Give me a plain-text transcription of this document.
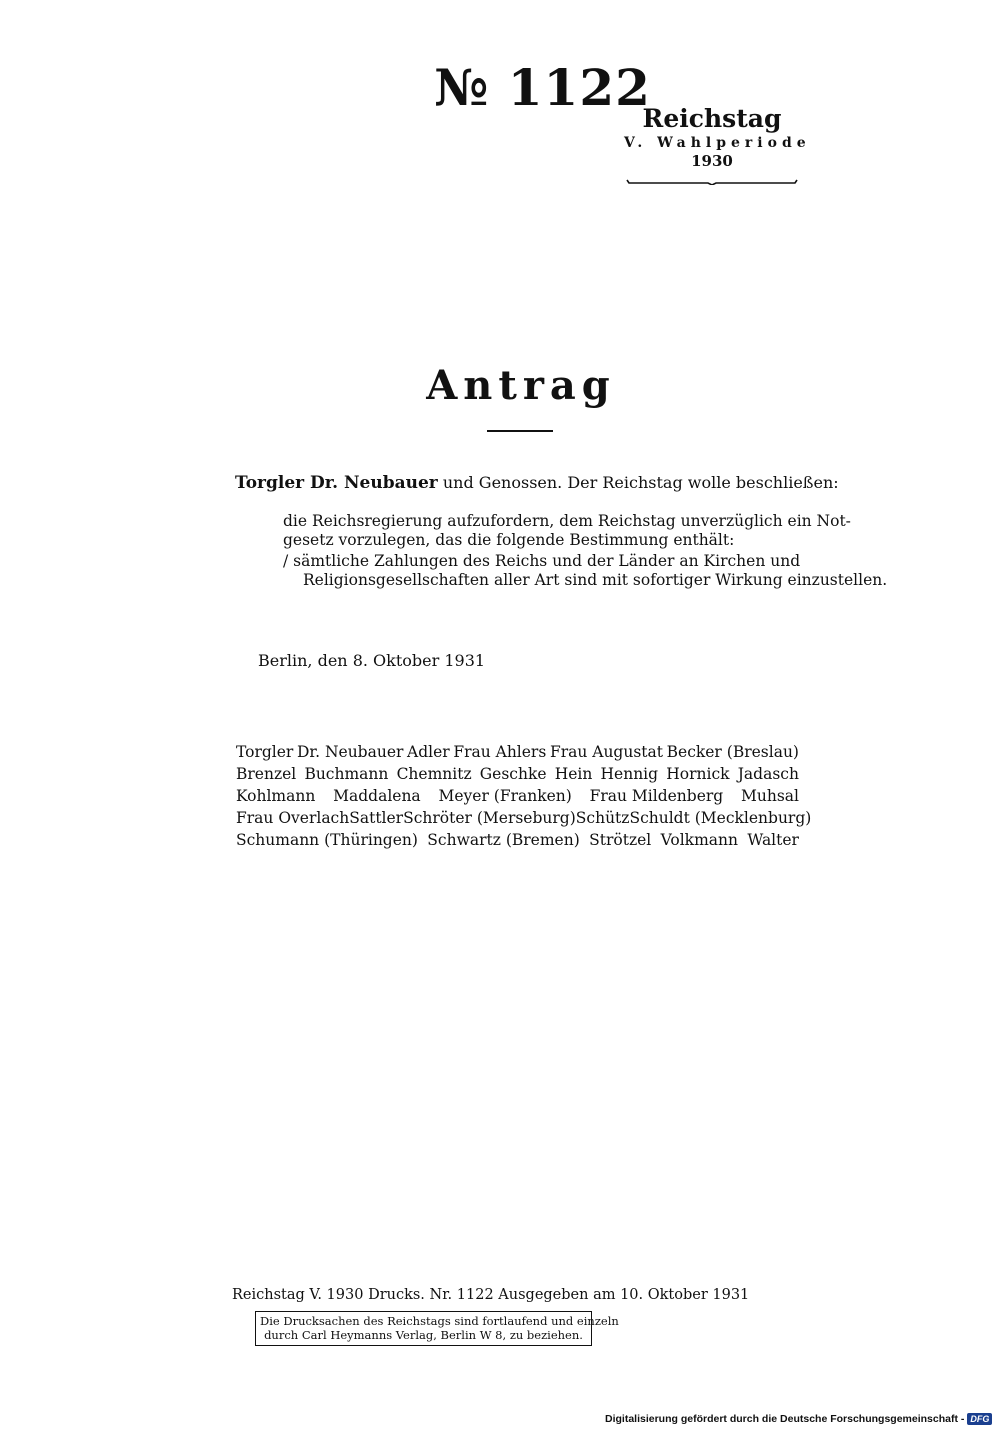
№ 1122
Reichstag
V. Wahlperiode
1930
Antrag
Torgler Dr. Neubauer und Genossen. Der Reichstag wolle beschließen:
die Reichsregierung aufzufordern, dem Reichstag unverzüglich ein Not-
gesetz vorzulegen, das die folgende Bestimmung enthält:
/ sämtliche Zahlungen des Reichs und der Länder an Kirchen und
Religionsgesellschaften aller Art sind mit sofortiger Wirkung einzustellen.
Berlin, den 8. Oktober 1931
Torgler Dr. Neubauer Adler Frau Ahlers Frau Augustat Becker (Breslau)
Brenzel Buchmann Chemnitz Geschke Hein Hennig Hornick Jadasch
Kohlmann Maddalena Meyer (Franken) Frau Mildenberg Muhsal
Frau Overlach Sattler Schröter (Merseburg) Schütz Schuldt (Mecklenburg)
Schumann (Thüringen) Schwartz (Bremen) Strötzel Volkmann Walter
Reichstag V. 1930 Drucks. Nr. 1122 Ausgegeben am 10. Oktober 1931
Die Drucksachen des Reichstags sind fortlaufend und einzeln
durch Carl Heymanns Verlag, Berlin W 8, zu beziehen.
Digitalisierung gefördert durch die Deutsche Forschungsgemeinschaft - DFG
